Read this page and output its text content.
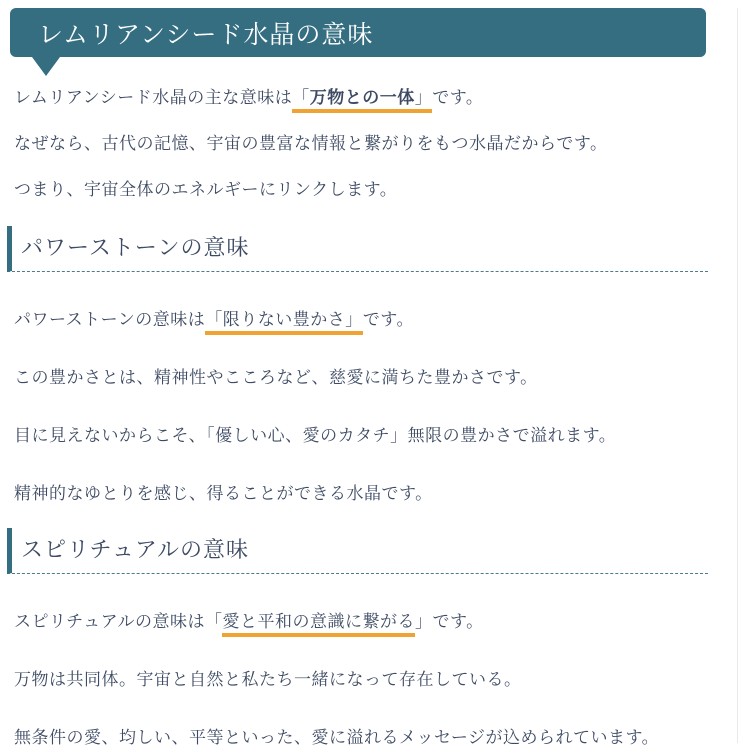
レムリアンシード水晶の意味

レムリアンシード水晶の主な意味は「万物との一体」です。

なぜなら、古代の記憶、宇宙の豊富な情報と繋がりをもつ水晶だからです。

つまり、宇宙全体のエネルギーにリンクします。

パワーストーンの意味

パワーストーンの意味は「限りない豊かさ」です。

この豊かさとは、精神性やこころなど、慈愛に満ちた豊かさです。

目に見えないからこそ、「優しい心、愛のカタチ」無限の豊かさで溢れます。

精神的なゆとりを感じ、得ることができる水晶です。

スピリチュアルの意味

スピリチュアルの意味は「愛と平和の意識に繋がる」です。

万物は共同体。宇宙と自然と私たち一緒になって存在している。

無条件の愛、均しい、平等といった、愛に溢れるメッセージが込められています。
